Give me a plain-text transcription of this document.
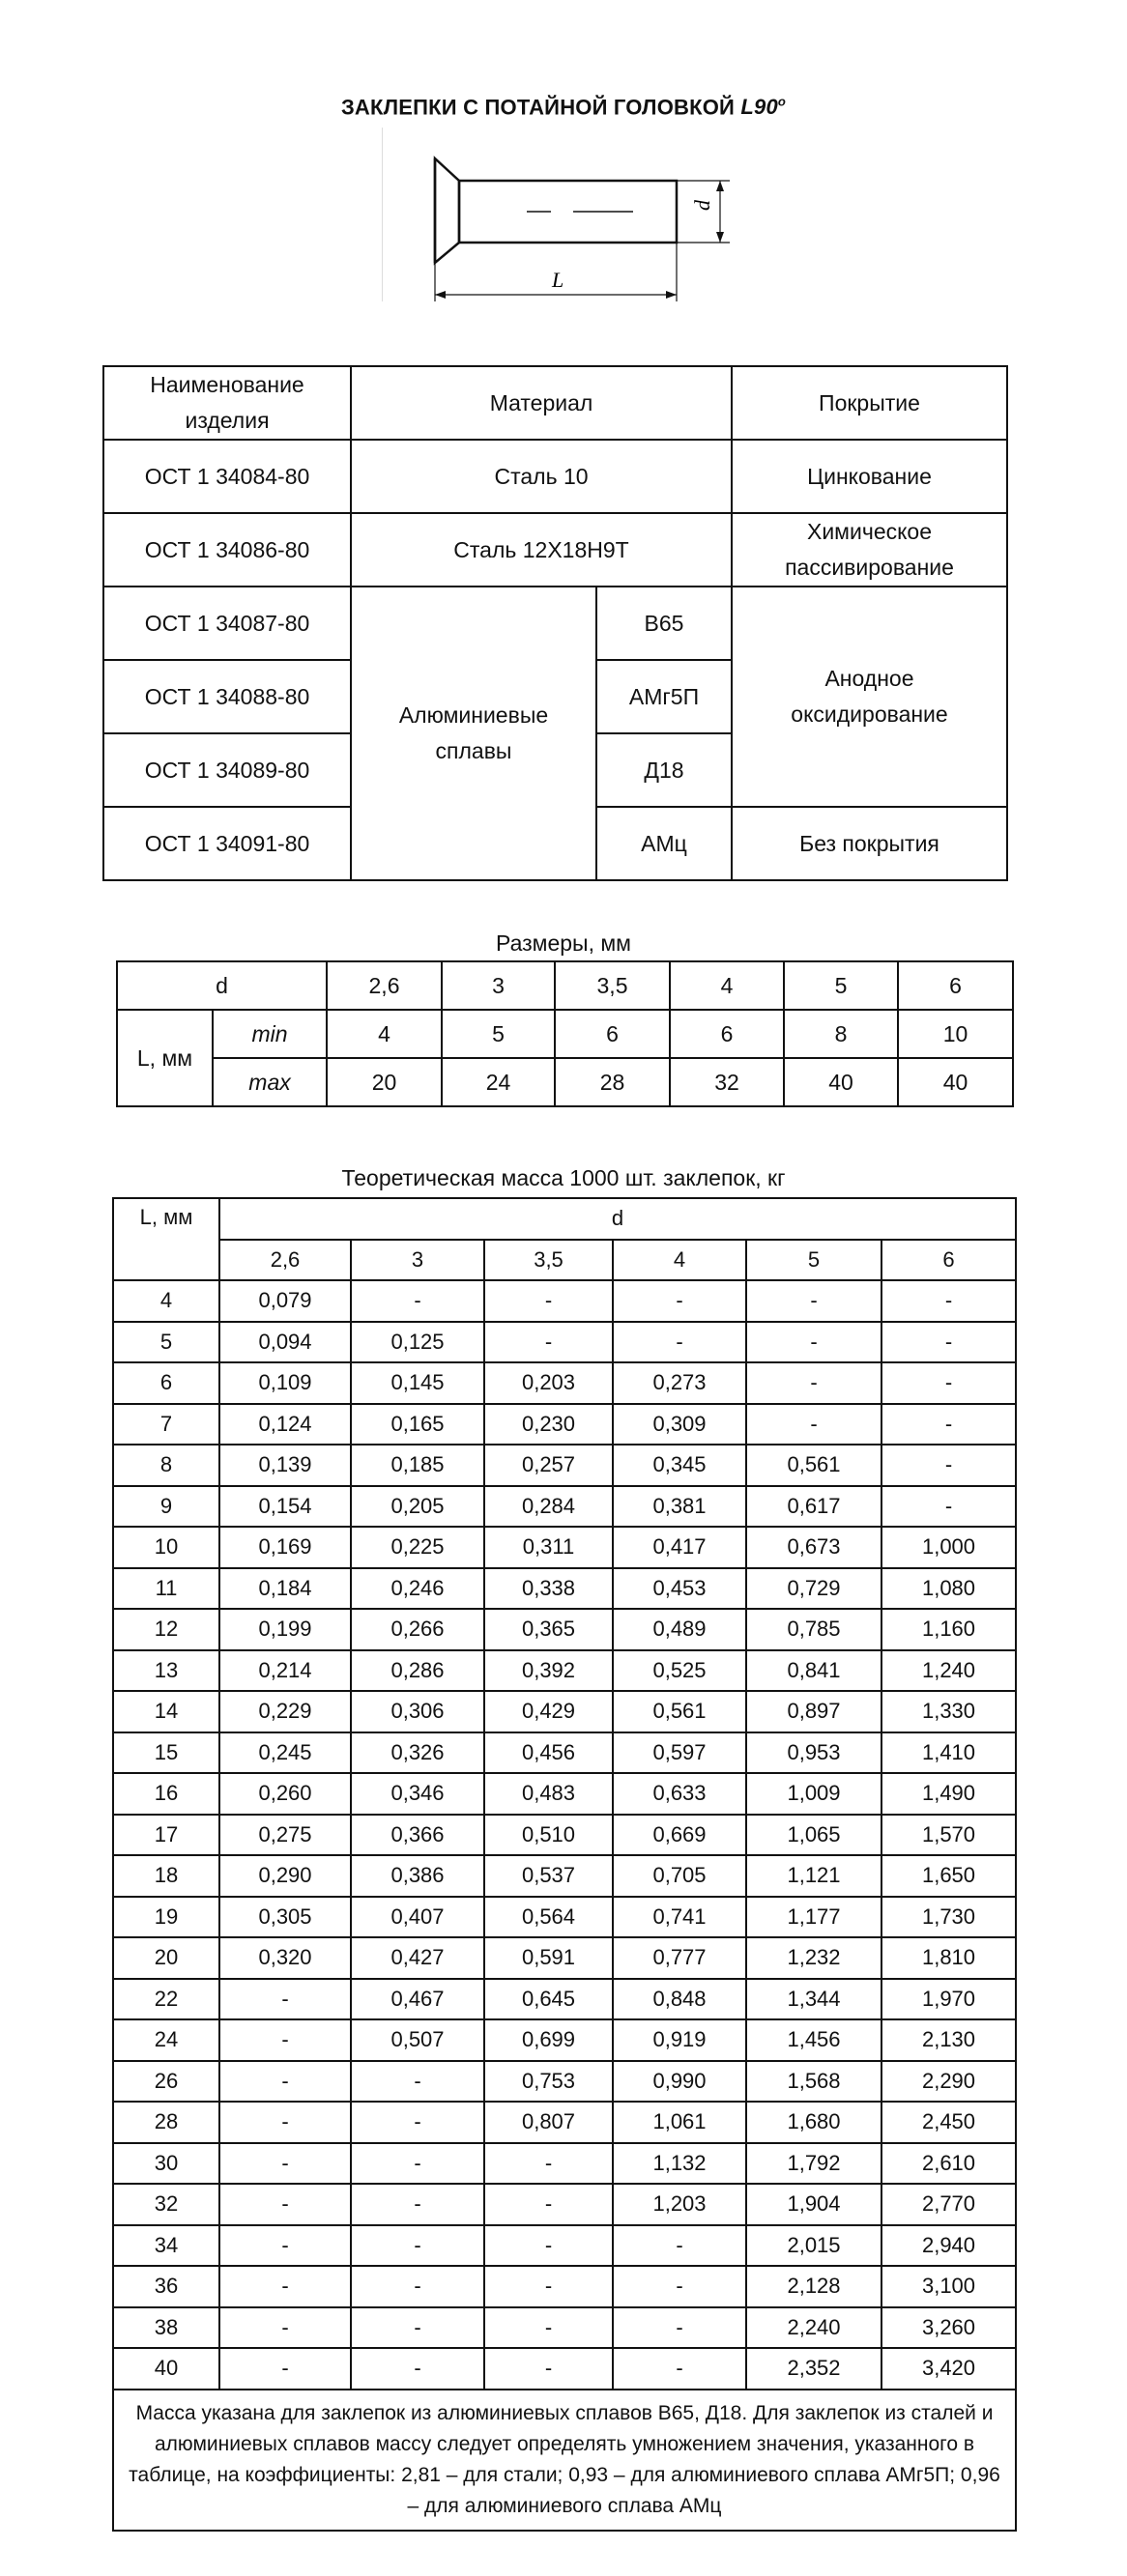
ЗАКЛЕПКИ С ПОТАЙНОЙ ГОЛОВКОЙ $L90^о$
d
L
Наименование изделия	Материал		Покрытие
ОСТ 1 34084-80	Сталь 10		Цинкование
ОСТ 1 34086-80	Сталь 12Х18Н9Т		Химическое пассивирование
ОСТ 1 34087-80	Алюминиевые сплавы	В65	Анодное оксидирование
ОСТ 1 34088-80		АМг5П	
ОСТ 1 34089-80		Д18	
ОСТ 1 34091-80		АМц	Без покрытия
Размеры, мм
d		2,6	3	3,5	4	5	6
L, мм	min	4	5	6	6	8	10
	max	20	24	28	32	40	40
Теоретическая масса 1000 шт. заклепок, кг
L, мм	d					
	2,6	3	3,5	4	5	6
4	0,079	-	-	-	-	-
5	0,094	0,125	-	-	-	-
6	0,109	0,145	0,203	0,273	-	-
7	0,124	0,165	0,230	0,309	-	-
8	0,139	0,185	0,257	0,345	0,561	-
9	0,154	0,205	0,284	0,381	0,617	-
10	0,169	0,225	0,311	0,417	0,673	1,000
11	0,184	0,246	0,338	0,453	0,729	1,080
12	0,199	0,266	0,365	0,489	0,785	1,160
13	0,214	0,286	0,392	0,525	0,841	1,240
14	0,229	0,306	0,429	0,561	0,897	1,330
15	0,245	0,326	0,456	0,597	0,953	1,410
16	0,260	0,346	0,483	0,633	1,009	1,490
17	0,275	0,366	0,510	0,669	1,065	1,570
18	0,290	0,386	0,537	0,705	1,121	1,650
19	0,305	0,407	0,564	0,741	1,177	1,730
20	0,320	0,427	0,591	0,777	1,232	1,810
22	-	0,467	0,645	0,848	1,344	1,970
24	-	0,507	0,699	0,919	1,456	2,130
26	-	-	0,753	0,990	1,568	2,290
28	-	-	0,807	1,061	1,680	2,450
30	-	-	-	1,132	1,792	2,610
32	-	-	-	1,203	1,904	2,770
34	-	-	-	-	2,015	2,940
36	-	-	-	-	2,128	3,100
38	-	-	-	-	2,240	3,260
40	-	-	-	-	2,352	3,420
Масса указана для заклепок из алюминиевых сплавов В65, Д18. Для заклепок из сталей и алюминиевых сплавов массу следует определять умножением значения, указанного в таблице, на коэффициенты: 2,81 – для стали; 0,93 – для алюминиевого сплава АМг5П; 0,96 – для алюминиевого сплава АМц						
